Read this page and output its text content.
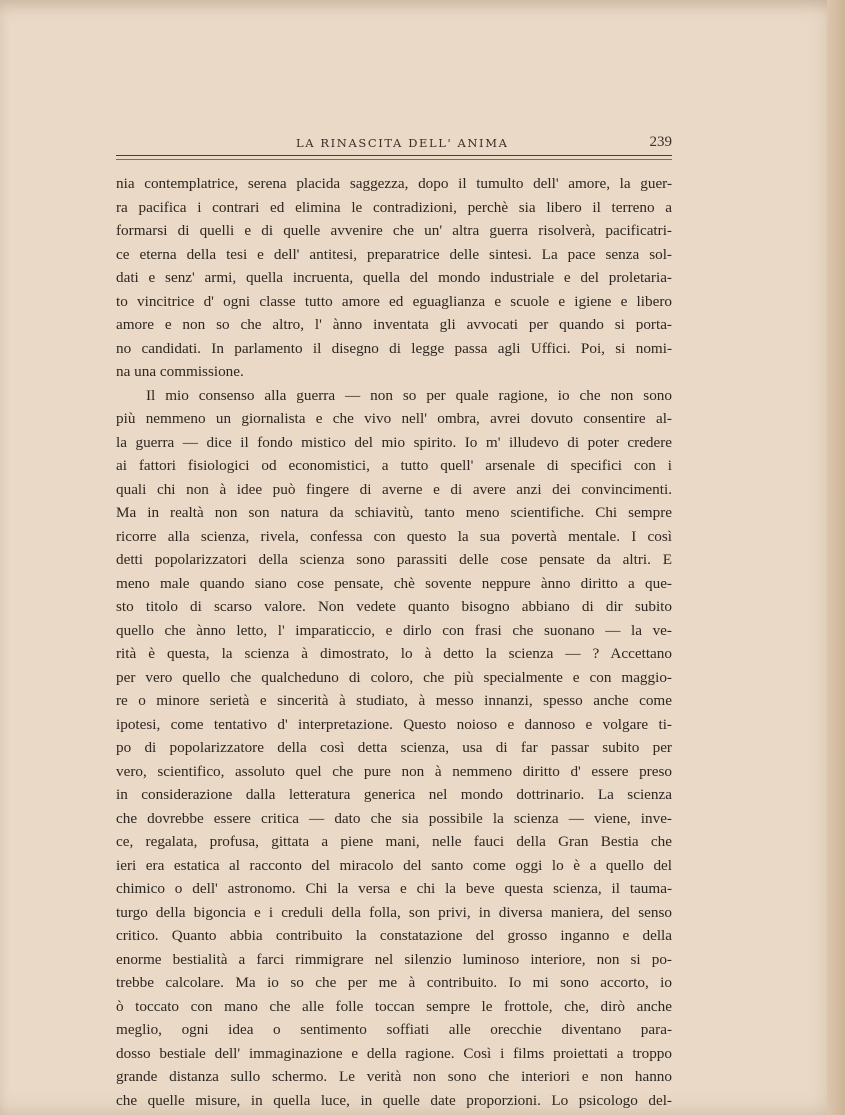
LA RINASCITA DELL' ANIMA	239
nia contemplatrice, serena placida saggezza, dopo il tumulto dell' amore, la guer-
ra pacifica i contrari ed elimina le contradizioni, perchè sia libero il terreno a
formarsi di quelli e di quelle avvenire che un' altra guerra risolverà, pacificatri-
ce eterna della tesi e dell' antitesi, preparatrice delle sintesi. La pace senza sol-
dati e senz' armi, quella incruenta, quella del mondo industriale e del proletaria-
to vincitrice d' ogni classe tutto amore ed eguaglianza e scuole e igiene e libero
amore e non so che altro, l' ànno inventata gli avvocati per quando si porta-
no candidati. In parlamento il disegno di legge passa agli Uffici. Poi, si nomi-
na una commissione.
Il mio consenso alla guerra — non so per quale ragione, io che non sono
più nemmeno un giornalista e che vivo nell' ombra, avrei dovuto consentire al-
la guerra — dice il fondo mistico del mio spirito. Io m' illudevo di poter credere
ai fattori fisiologici od economistici, a tutto quell' arsenale di specifici con i
quali chi non à idee può fingere di averne e di avere anzi dei convincimenti.
Ma in realtà non son natura da schiavitù, tanto meno scientifiche. Chi sempre
ricorre alla scienza, rivela, confessa con questo la sua povertà mentale. I così
detti popolarizzatori della scienza sono parassiti delle cose pensate da altri. E
meno male quando siano cose pensate, chè sovente neppure ànno diritto a que-
sto titolo di scarso valore. Non vedete quanto bisogno abbiano di dir subito
quello che ànno letto, l' imparaticcio, e dirlo con frasi che suonano — la ve-
rità è questa, la scienza à dimostrato, lo à detto la scienza — ? Accettano
per vero quello che qualcheduno di coloro, che più specialmente e con maggio-
re o minore serietà e sincerità à studiato, à messo innanzi, spesso anche come
ipotesi, come tentativo d' interpretazione. Questo noioso e dannoso e volgare ti-
po di popolarizzatore della così detta scienza, usa di far passar subito per
vero, scientifico, assoluto quel che pure non à nemmeno diritto d' essere preso
in considerazione dalla letteratura generica nel mondo dottrinario. La scienza
che dovrebbe essere critica — dato che sia possibile la scienza — viene, inve-
ce, regalata, profusa, gittata a piene mani, nelle fauci della Gran Bestia che
ieri era estatica al racconto del miracolo del santo come oggi lo è a quello del
chimico o dell' astronomo. Chi la versa e chi la beve questa scienza, il tauma-
turgo della bigoncia e i creduli della folla, son privi, in diversa maniera, del senso
critico. Quanto abbia contribuito la constatazione del grosso inganno e della
enorme bestialità a farci rimmigrare nel silenzio luminoso interiore, non si po-
trebbe calcolare. Ma io so che per me à contribuito. Io mi sono accorto, io
ò toccato con mano che alle folle toccan sempre le frottole, che, dirò anche
meglio, ogni idea o sentimento soffiati alle orecchie diventano para-
dosso bestiale dell' immaginazione e della ragione. Così i films proiettati a troppo
grande distanza sullo schermo. Le verità non sono che interiori e non hanno
che quelle misure, in quella luce, in quelle date proporzioni. Lo psicologo del-
